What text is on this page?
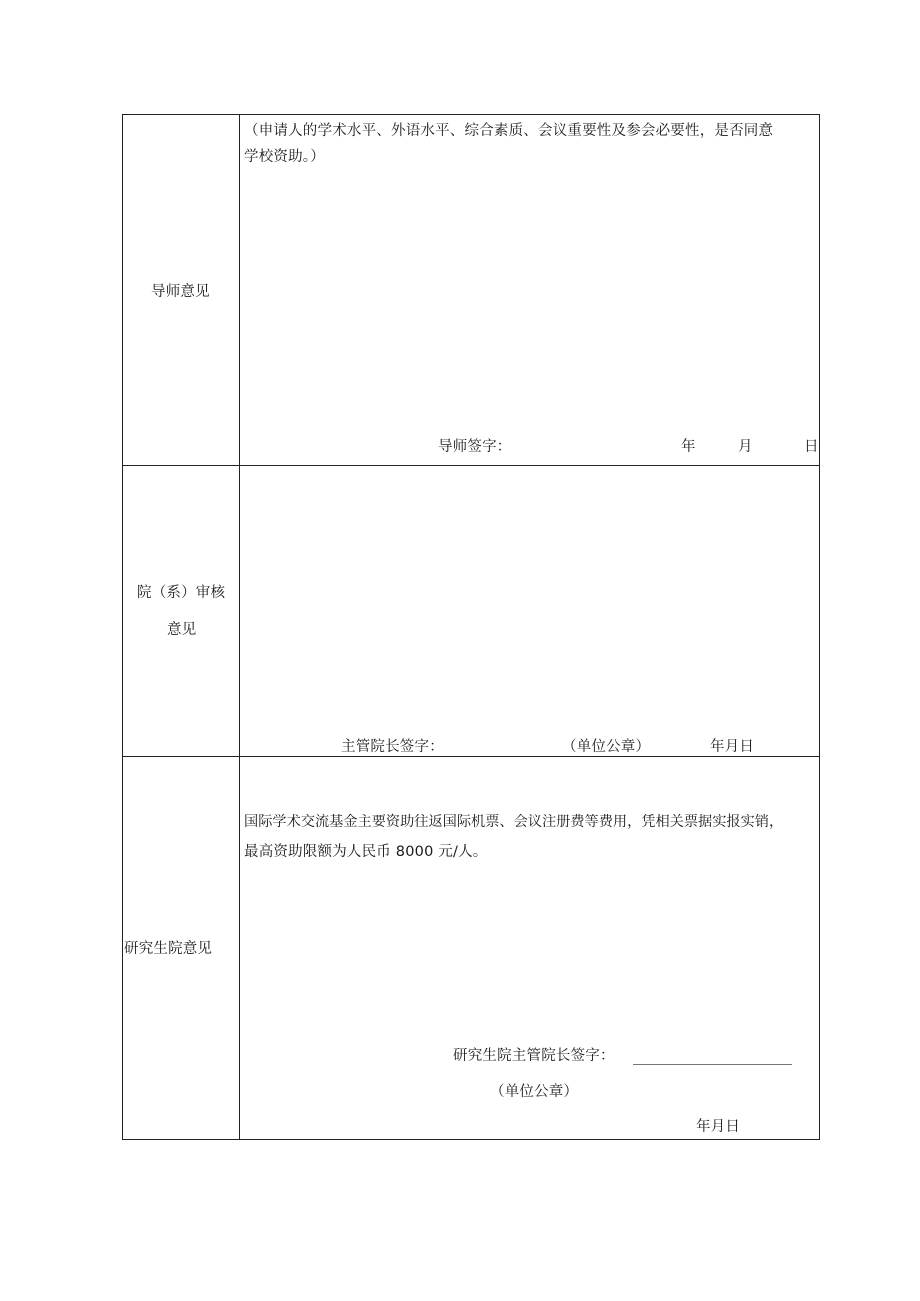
导师意见
（申请人的学术水平、外语水平、综合素质、会议重要性及参会必要性，是否同意
学校资助。）
导师签字：	年	月	日
院（系）审核
意见
主管院长签字：	（单位公章）	年月日
研究生院意见
国际学术交流基金主要资助往返国际机票、会议注册费等费用，凭相关票据实报实销，
最高资助限额为人民币 8000 元/人。
研究生院主管院长签字：
（单位公章）
年月日
